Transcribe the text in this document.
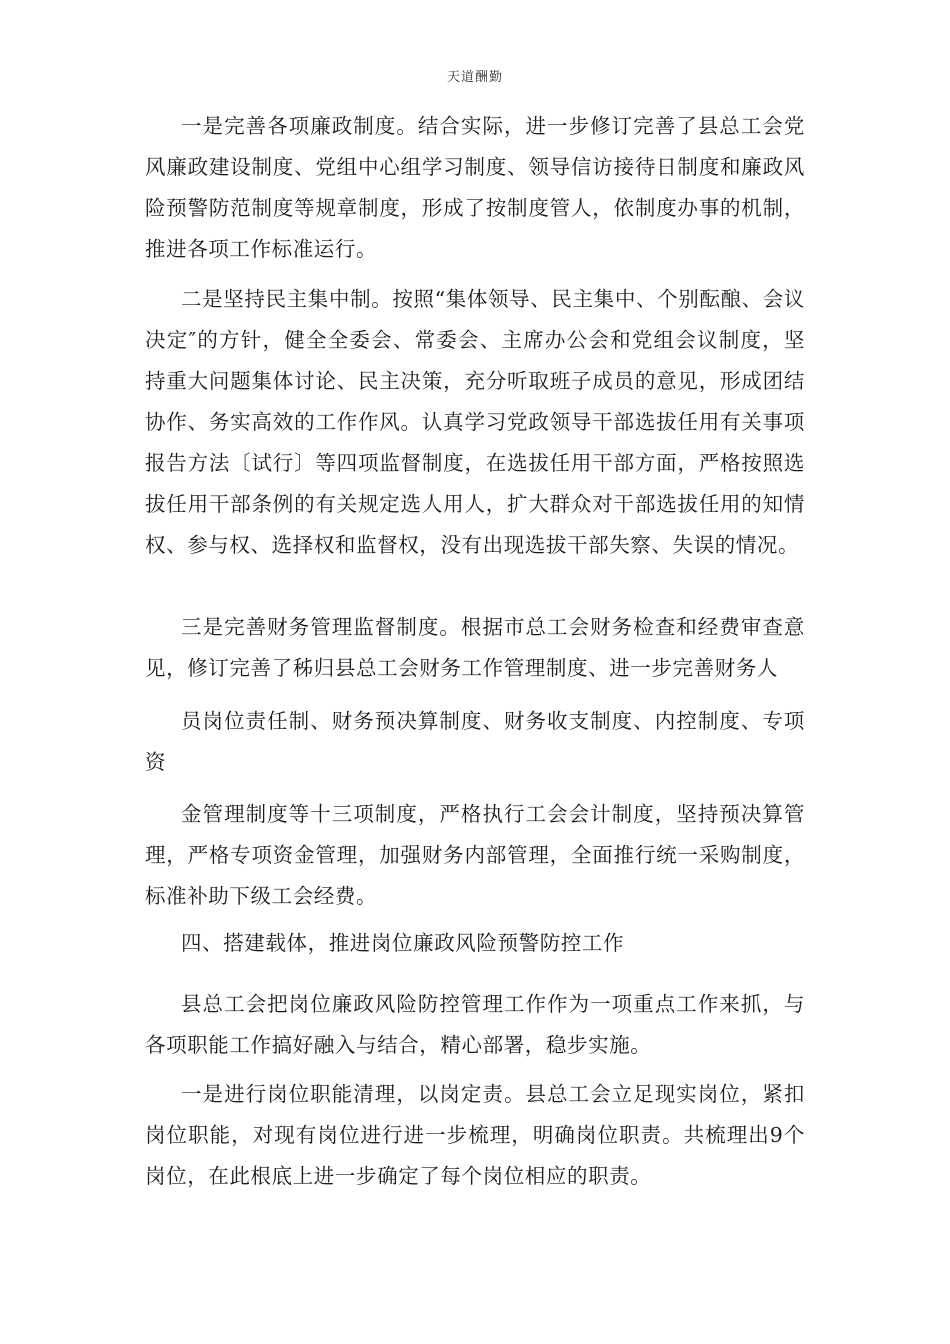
天道酬勤

一是完善各项廉政制度。结合实际，进一步修订完善了县总工会党风廉政建设制度、党组中心组学习制度、领导信访接待日制度和廉政风险预警防范制度等规章制度，形成了按制度管人，依制度办事的机制，推进各项工作标准运行。

二是坚持民主集中制。按照“集体领导、民主集中、个别酝酿、会议决定″的方针，健全全委会、常委会、主席办公会和党组会议制度，坚持重大问题集体讨论、民主决策，充分听取班子成员的意见，形成团结协作、务实高效的工作作风。认真学习党政领导干部选拔任用有关事项报告方法〔试行〕等四项监督制度，在选拔任用干部方面，严格按照选拔任用干部条例的有关规定选人用人，扩大群众对干部选拔任用的知情权、参与权、选择权和监督权，没有出现选拔干部失察、失误的情况。

三是完善财务管理监督制度。根据市总工会财务检查和经费审查意见，修订完善了秭归县总工会财务工作管理制度、进一步完善财务人

员岗位责任制、财务预决算制度、财务收支制度、内控制度、专项资

金管理制度等十三项制度，严格执行工会会计制度，坚持预决算管理，严格专项资金管理，加强财务内部管理，全面推行统一采购制度，标准补助下级工会经费。

四、搭建载体，推进岗位廉政风险预警防控工作

县总工会把岗位廉政风险防控管理工作作为一项重点工作来抓，与各项职能工作搞好融入与结合，精心部署，稳步实施。

一是进行岗位职能清理，以岗定责。县总工会立足现实岗位，紧扣岗位职能，对现有岗位进行进一步梳理，明确岗位职责。共梳理出9个岗位，在此根底上进一步确定了每个岗位相应的职责。
